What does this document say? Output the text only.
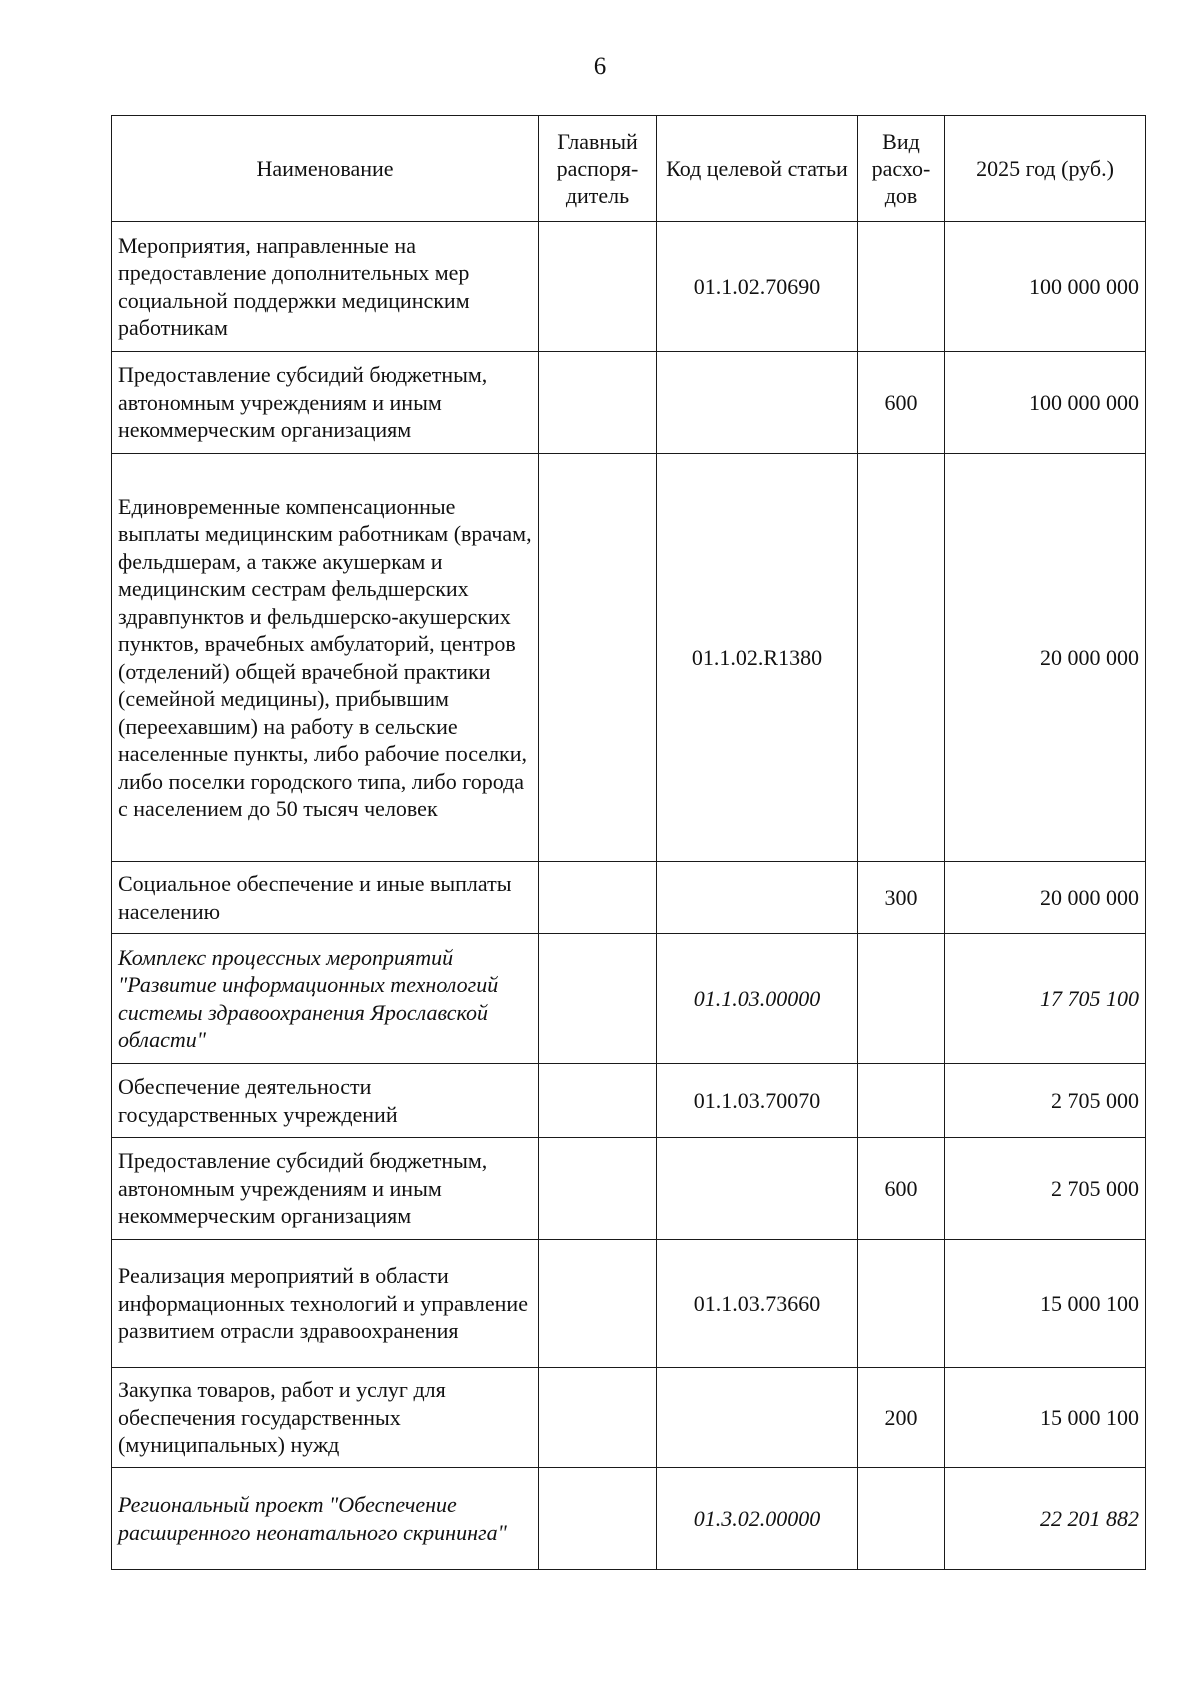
6
Наименование	Главный распоря-дитель	Код целевой статьи	Вид расхо-дов	2025 год (руб.)
Мероприятия, направленные на предоставление дополнительных мер социальной поддержки медицинским работникам		01.1.02.70690		100 000 000
Предоставление субсидий бюджетным, автономным учреждениям и иным некоммерческим организациям			600	100 000 000
Единовременные компенсационные выплаты медицинским работникам (врачам, фельдшерам, а также акушеркам и медицинским сестрам фельдшерских здравпунктов и фельдшерско-акушерских пунктов, врачебных амбулаторий, центров (отделений) общей врачебной практики (семейной медицины), прибывшим (переехавшим) на работу в сельские населенные пункты, либо рабочие поселки, либо поселки городского типа, либо города с населением до 50 тысяч человек		01.1.02.R1380		20 000 000
Социальное обеспечение и иные выплаты населению			300	20 000 000
Комплекс процессных мероприятий "Развитие информационных технологий системы здравоохранения Ярославской области"		01.1.03.00000		17 705 100
Обеспечение деятельности государственных учреждений		01.1.03.70070		2 705 000
Предоставление субсидий бюджетным, автономным учреждениям и иным некоммерческим организациям			600	2 705 000
Реализация мероприятий в области информационных технологий и управление развитием отрасли здравоохранения		01.1.03.73660		15 000 100
Закупка товаров, работ и услуг для обеспечения государственных (муниципальных) нужд			200	15 000 100
Региональный проект "Обеспечение расширенного неонатального скрининга"		01.3.02.00000		22 201 882
